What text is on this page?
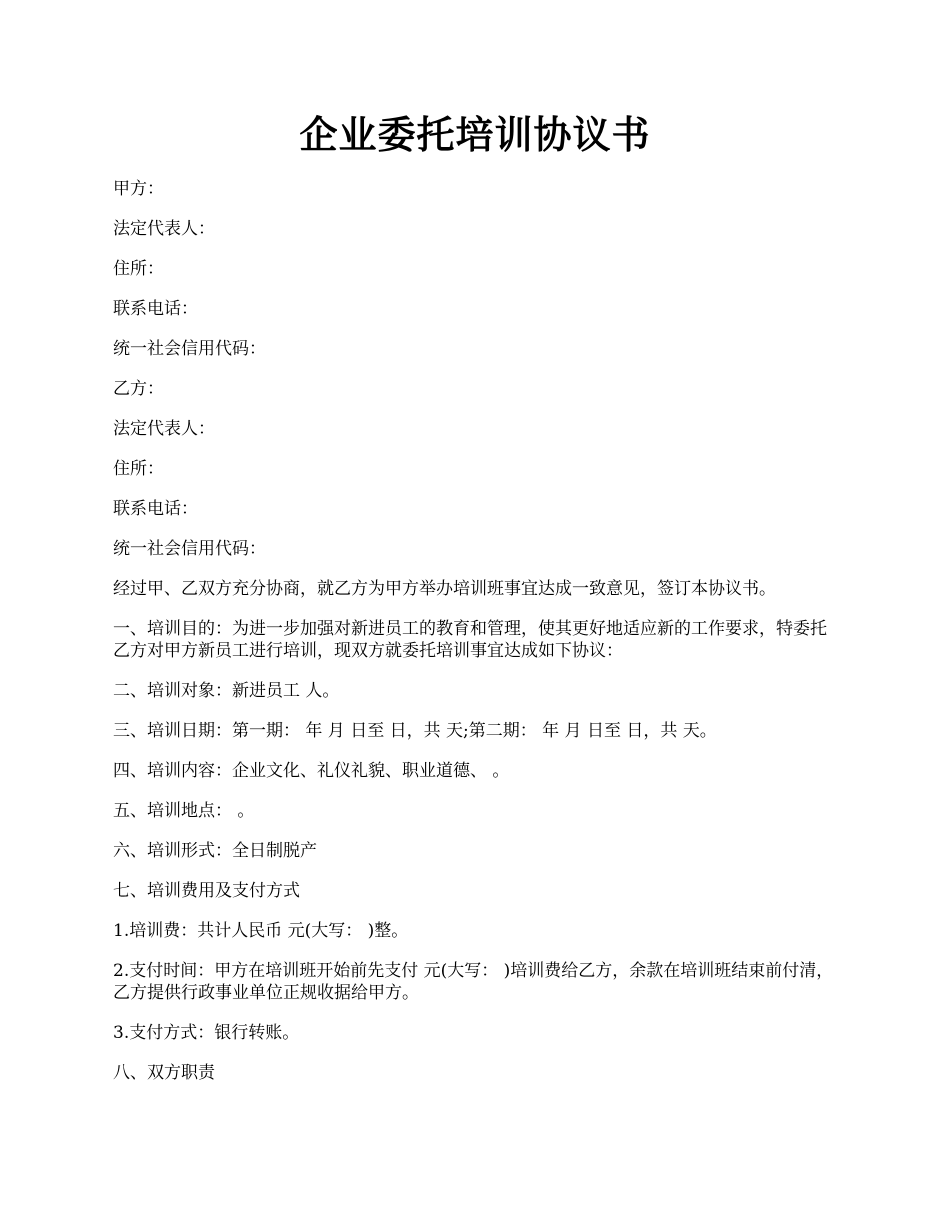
企业委托培训协议书

甲方：

法定代表人：

住所：

联系电话：

统一社会信用代码：

乙方：

法定代表人：

住所：

联系电话：

统一社会信用代码：

经过甲、乙双方充分协商，就乙方为甲方举办培训班事宜达成一致意见，签订本协议书。

一、培训目的：为进一步加强对新进员工的教育和管理，使其更好地适应新的工作要求，特委托乙方对甲方新员工进行培训，现双方就委托培训事宜达成如下协议：

二、培训对象：新进员工 人。

三、培训日期：第一期： 年 月 日至 日，共 天;第二期： 年 月 日至 日，共 天。

四、培训内容：企业文化、礼仪礼貌、职业道德、 。

五、培训地点： 。

六、培训形式：全日制脱产

七、培训费用及支付方式

1.培训费：共计人民币 元(大写： )整。

2.支付时间：甲方在培训班开始前先支付 元(大写： )培训费给乙方，余款在培训班结束前付清，乙方提供行政事业单位正规收据给甲方。

3.支付方式：银行转账。

八、双方职责
